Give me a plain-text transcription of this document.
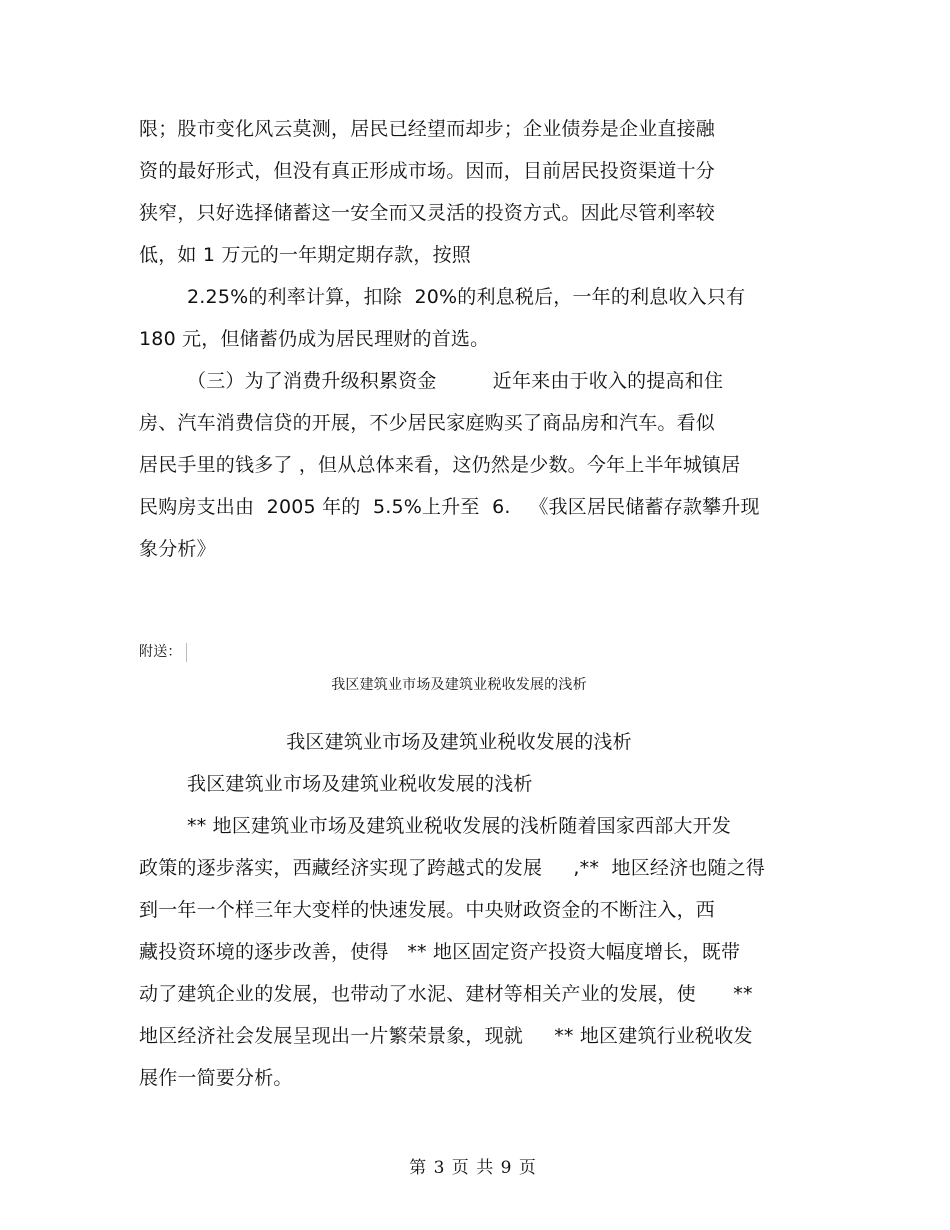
限；股市变化风云莫测，居民已经望而却步；企业债券是企业直接融
资的最好形式，但没有真正形成市场。因而，目前居民投资渠道十分
狭窄，只好选择储蓄这一安全而又灵活的投资方式。因此尽管利率较
低，如 1 万元的一年期定期存款，按照
2.25%的利率计算，扣除  20%的利息税后，一年的利息收入只有
180 元，但储蓄仍成为居民理财的首选。
（三）为了消费升级积累资金         近年来由于收入的提高和住
房、汽车消费信贷的开展，不少居民家庭购买了商品房和汽车。看似
居民手里的钱多了 ，但从总体来看，这仍然是少数。今年上半年城镇居
民购房支出由  2005 年的  5.5%上升至  6.   《我区居民储蓄存款攀升现
象分析》
附送：
我区建筑业市场及建筑业税收发展的浅析
我区建筑业市场及建筑业税收发展的浅析
我区建筑业市场及建筑业税收发展的浅析
** 地区建筑业市场及建筑业税收发展的浅析随着国家西部大开发
政策的逐步落实，西藏经济实现了跨越式的发展     ,**  地区经济也随之得
到一年一个样三年大变样的快速发展。中央财政资金的不断注入，西
藏投资环境的逐步改善，使得   ** 地区固定资产投资大幅度增长，既带
动了建筑企业的发展，也带动了水泥、建材等相关产业的发展，使      **
地区经济社会发展呈现出一片繁荣景象，现就     ** 地区建筑行业税收发
展作一简要分析。
第 3 页 共 9 页
